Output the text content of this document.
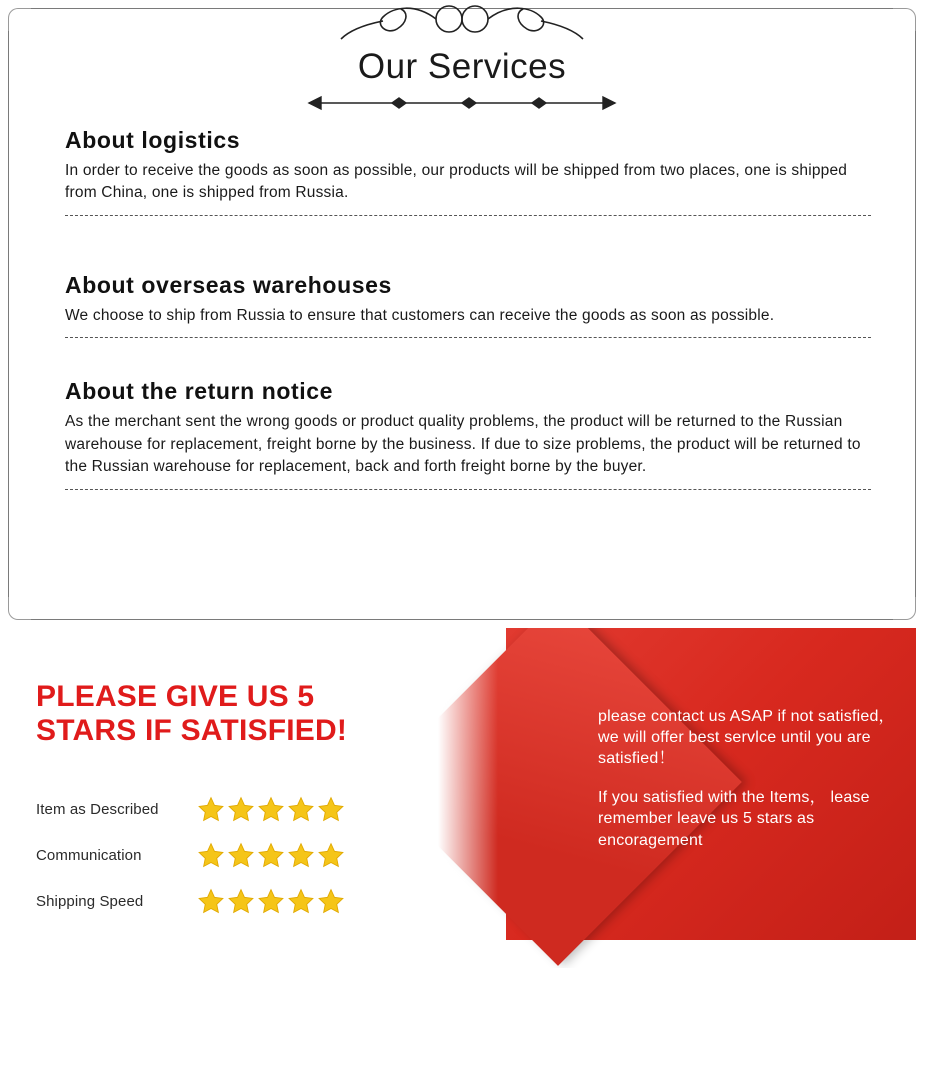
Our Services
About logistics
In order to receive the goods as soon as possible, our products will be shipped from two places, one is shipped from China, one is shipped from Russia.
About overseas warehouses
We choose to ship from Russia to ensure that customers can receive the goods as soon as possible.
About the return notice
As the merchant sent the wrong goods or product quality problems, the product will be returned to the Russian warehouse for replacement, freight borne by the business. If due to size problems, the product will be returned to the Russian warehouse for replacement, back and forth freight borne by the buyer.
PLEASE GIVE US 5
STARS IF SATISFIED!
Item as Described
Communication
Shipping Speed

please contact us ASAP if not satisfied， we will offer best servlce until you are satisfied！

If you satisfied with the Items， lease remember leave us 5 stars as encoragement
